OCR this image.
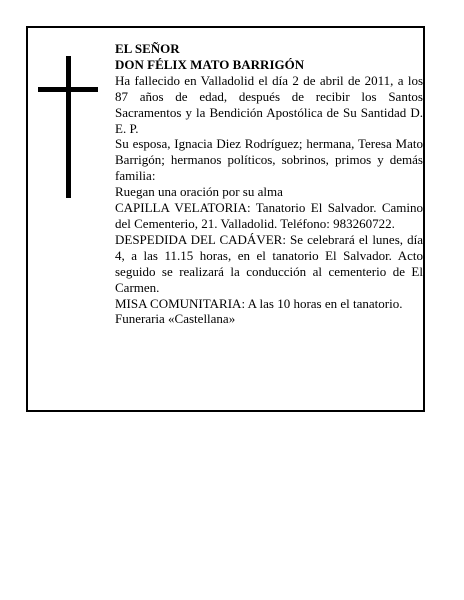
EL SEÑOR

DON FÉLIX MATO BARRIGÓN

Ha fallecido en Valladolid el día 2 de abril de 2011, a los 87 años de edad, después de recibir los Santos Sacramentos y la Bendición Apostólica de Su Santidad D. E. P.

Su esposa, Ignacia Diez Rodríguez; hermana, Teresa Mato Barrigón; hermanos políticos, sobrinos, primos y demás familia:

Ruegan una oración por su alma

CAPILLA VELATORIA: Tanatorio El Salvador. Camino del Cementerio, 21. Valladolid. Teléfono: 983260722.

DESPEDIDA DEL CADÁVER: Se celebrará el lunes, día 4, a las 11.15 horas, en el tanatorio El Salvador. Acto seguido se realizará la conducción al cementerio de El Carmen.

MISA COMUNITARIA: A las 10 horas en el tanatorio.

Funeraria «Castellana»
